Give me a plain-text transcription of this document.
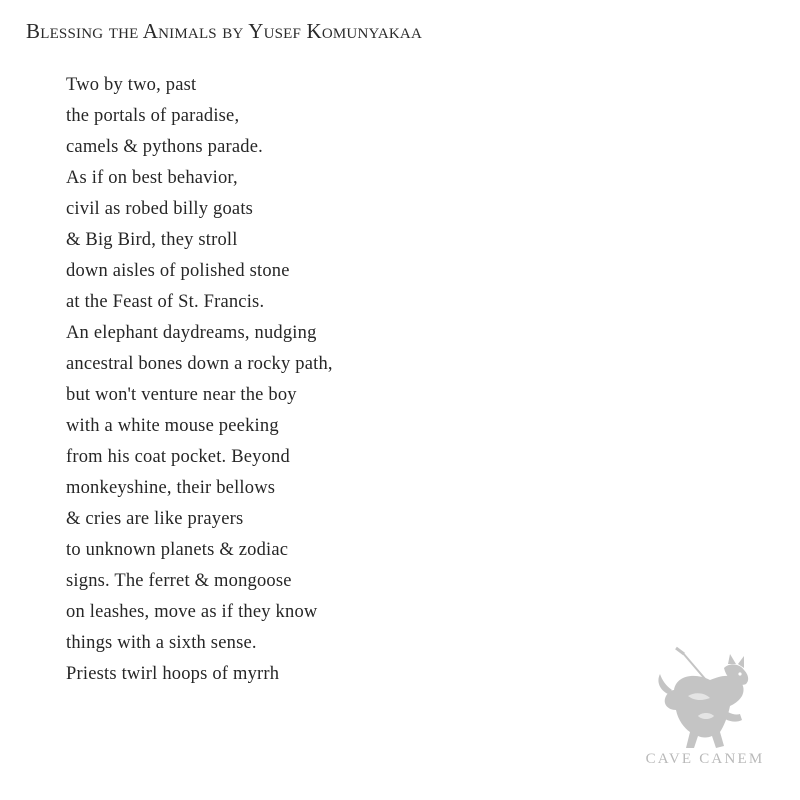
Blessing the Animals by Yusef Komunyakaa
Two by two, past
the portals of paradise,
camels & pythons parade.
As if on best behavior,
civil as robed billy goats
& Big Bird, they stroll
down aisles of polished stone
at the Feast of St. Francis.
An elephant daydreams, nudging
ancestral bones down a rocky path,
but won't venture near the boy
with a white mouse peeking
from his coat pocket. Beyond
monkeyshine, their bellows
& cries are like prayers
to unknown planets & zodiac
signs. The ferret & mongoose
on leashes, move as if they know
things with a sixth sense.
Priests twirl hoops of myrrh
CAVE CANEM
